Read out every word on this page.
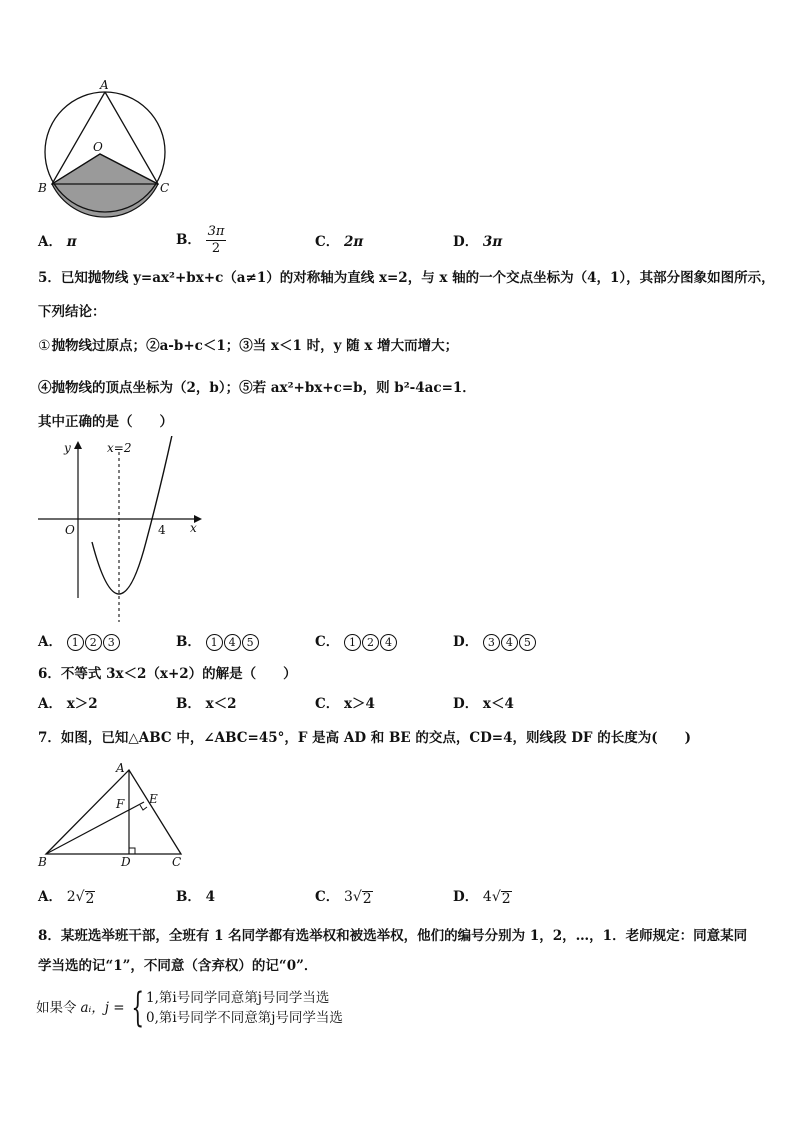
A
O
B	C
A． π	B． $\frac{3\pi}{2}$	C． 2π	D． 3π
5．已知抛物线 y=ax²+bx+c（a≠1）的对称轴为直线 x=2，与 x 轴的一个交点坐标为（4，1），其部分图象如图所示，
下列结论：
①抛物线过原点；②a-b+c＜1；③当 x＜1 时，y 随 x 增大而增大；
④抛物线的顶点坐标为（2，b）；⑤若 ax²+bx+c=b，则 b²-4ac=1．
其中正确的是（　　）
y
x
x=2
O	4
A． 1 2 3	B． 1 4 5	C． 1 2 4	D． 3 4 5
6．不等式 3x＜2（x+2）的解是（　　）
A． x＞2	B． x＜2	C． x＞4	D． x＜4
7．如图，已知△ABC 中，∠ABC=45°，F 是高 AD 和 BE 的交点，CD=4，则线段 DF 的长度为(　　)
A
B	C
D
E
F
A． 2 √ 2	B． 4	C． 3 √ 2	D． 4 √ 2
8．某班选举班干部，全班有 1 名同学都有选举权和被选举权，他们的编号分别为 1，2，…，1．老师规定：同意某同
学当选的记“1”，不同意（含弃权）的记“0”．
如果令 aᵢ，j = { 1,第i号同学同意第j号同学当选
0,第i号同学不同意第j号同学当选
